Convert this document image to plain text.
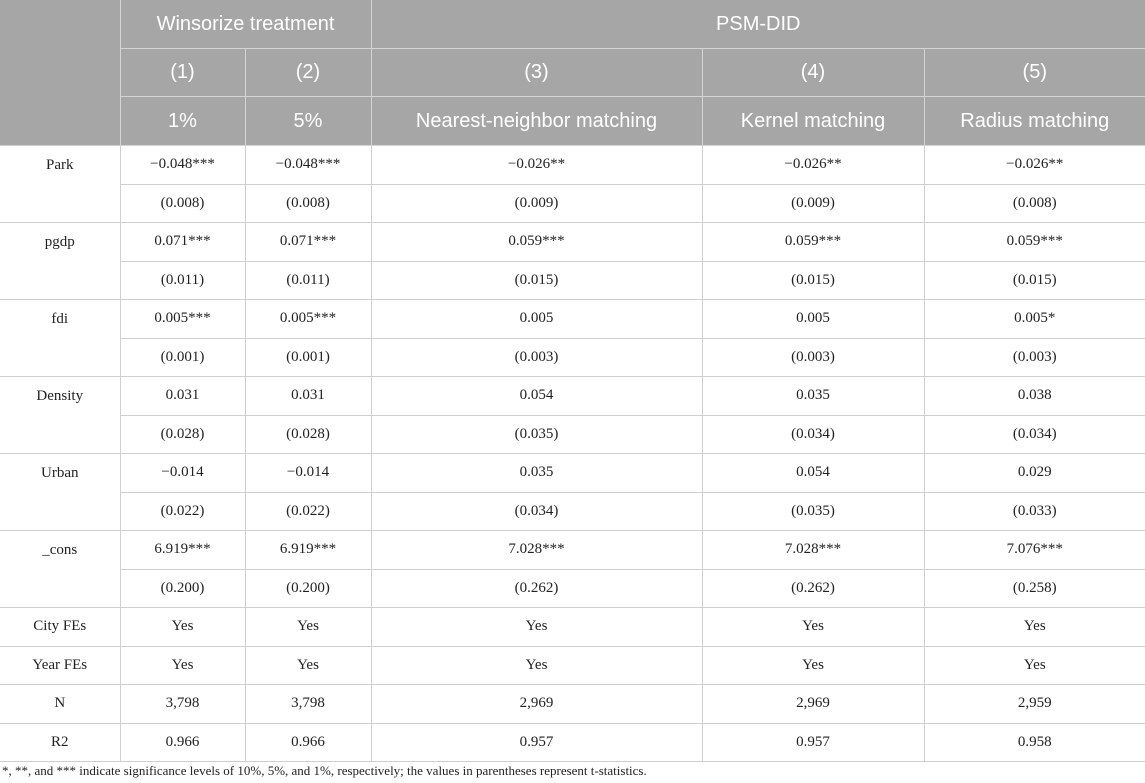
	Winsorize treatment		PSM-DID		
	(1)	(2)	(3)	(4)	(5)
	1%	5%	Nearest-neighbor matching	Kernel matching	Radius matching
Park	−0.048***	−0.048***	−0.026**	−0.026**	−0.026**
	(0.008)	(0.008)	(0.009)	(0.009)	(0.008)
pgdp	0.071***	0.071***	0.059***	0.059***	0.059***
	(0.011)	(0.011)	(0.015)	(0.015)	(0.015)
fdi	0.005***	0.005***	0.005	0.005	0.005*
	(0.001)	(0.001)	(0.003)	(0.003)	(0.003)
Density	0.031	0.031	0.054	0.035	0.038
	(0.028)	(0.028)	(0.035)	(0.034)	(0.034)
Urban	−0.014	−0.014	0.035	0.054	0.029
	(0.022)	(0.022)	(0.034)	(0.035)	(0.033)
_cons	6.919***	6.919***	7.028***	7.028***	7.076***
	(0.200)	(0.200)	(0.262)	(0.262)	(0.258)
City FEs	Yes	Yes	Yes	Yes	Yes
Year FEs	Yes	Yes	Yes	Yes	Yes
N	3,798	3,798	2,969	2,969	2,959
R2	0.966	0.966	0.957	0.957	0.958
*, **, and *** indicate significance levels of 10%, 5%, and 1%, respectively; the values in parentheses represent t-statistics.
